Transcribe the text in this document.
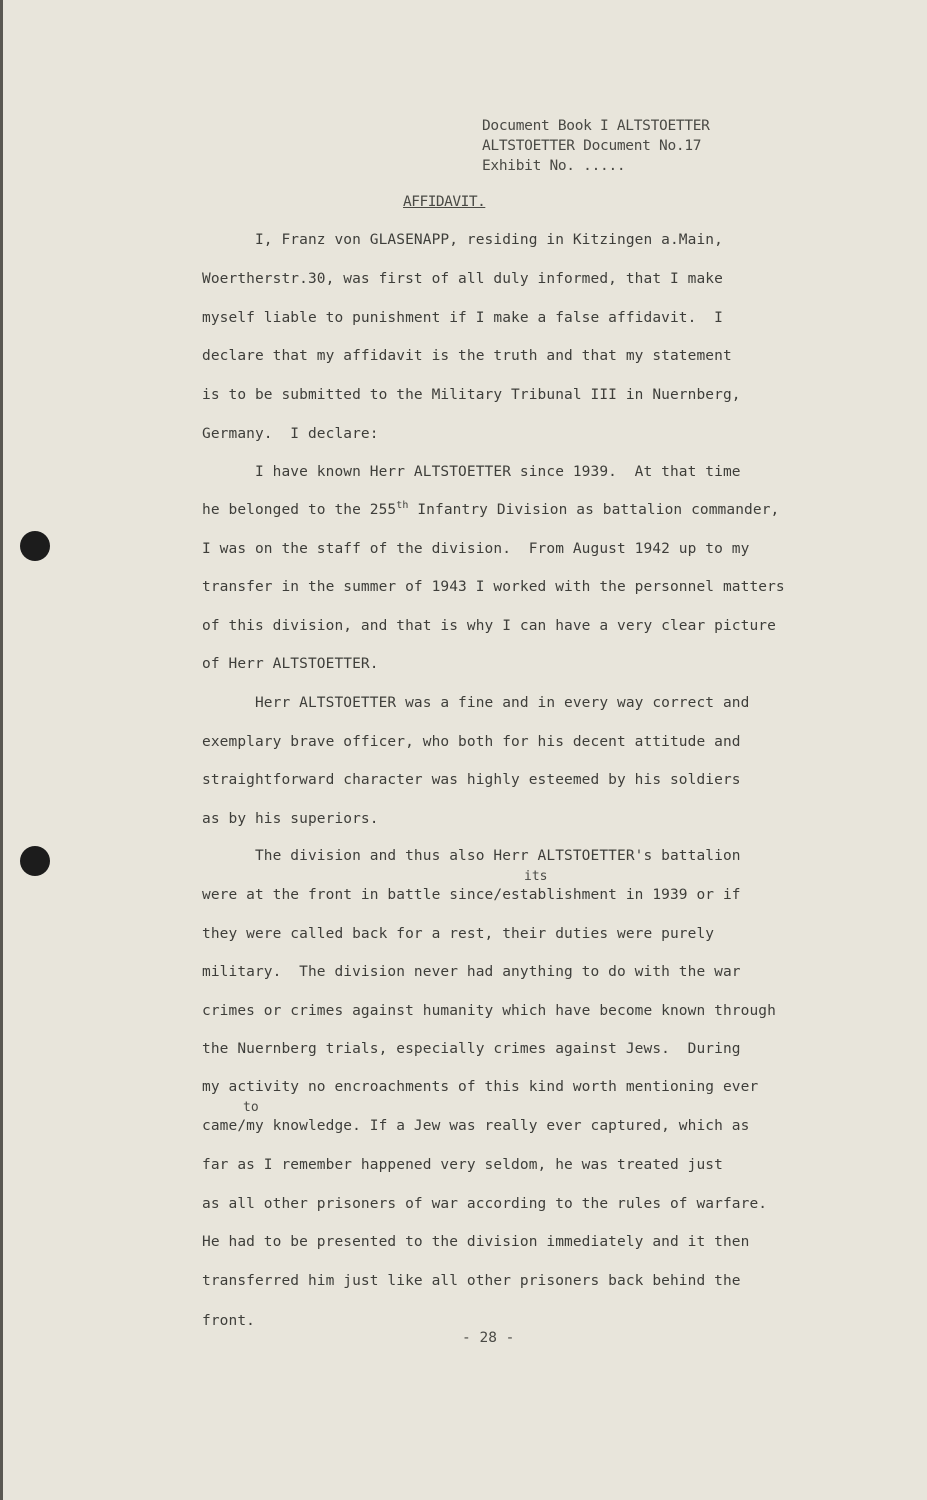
Document Book I ALTSTOETTER
ALTSTOETTER Document No.17
Exhibit No. .....
AFFIDAVIT.
I, Franz von GLASENAPP, residing in Kitzingen a.Main,
Woertherstr.30, was first of all duly informed, that I make
myself liable to punishment if I make a false affidavit.  I
declare that my affidavit is the truth and that my statement
is to be submitted to the Military Tribunal III in Nuernberg,
Germany.  I declare:
I have known Herr ALTSTOETTER since 1939.  At that time
he belonged to the 255th Infantry Division as battalion commander,
I was on the staff of the division.  From August 1942 up to my
transfer in the summer of 1943 I worked with the personnel matters
of this division, and that is why I can have a very clear picture
of Herr ALTSTOETTER.
Herr ALTSTOETTER was a fine and in every way correct and
exemplary brave officer, who both for his decent attitude and
straightforward character was highly esteemed by his soldiers
as by his superiors.
The division and thus also Herr ALTSTOETTER's battalion
its
were at the front in battle since/establishment in 1939 or if
they were called back for a rest, their duties were purely
military.  The division never had anything to do with the war
crimes or crimes against humanity which have become known through
the Nuernberg trials, especially crimes against Jews.  During
my activity no encroachments of this kind worth mentioning ever
to
came/my knowledge. If a Jew was really ever captured, which as
far as I remember happened very seldom, he was treated just
as all other prisoners of war according to the rules of warfare.
He had to be presented to the division immediately and it then
transferred him just like all other prisoners back behind the
front.
- 28 -
